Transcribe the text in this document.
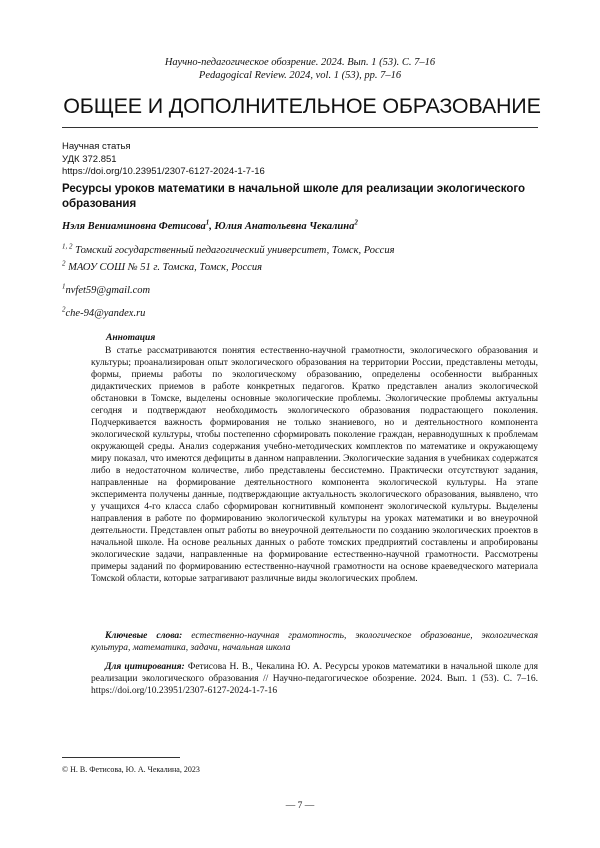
Научно-педагогическое обозрение. 2024. Вып. 1 (53). С. 7–16
Pedagogical Review. 2024, vol. 1 (53), pp. 7–16
ОБЩЕЕ И ДОПОЛНИТЕЛЬНОЕ ОБРАЗОВАНИЕ
Научная статья
УДК 372.851
https://doi.org/10.23951/2307-6127-2024-1-7-16
Ресурсы уроков математики в начальной школе для реализации экологического образования
Нэля Вениаминовна Фетисова$^1$, Юлия Анатольевна Чекалина$^2$
$^{1, 2}$ Томский государственный педагогический университет, Томск, Россия
$^2$ МАОУ СОШ № 51 г. Томска, Томск, Россия
$^1$nvfet59@gmail.com
$^2$che-94@yandex.ru
Аннотация

В статье рассматриваются понятия естественно-научной грамотности, экологического образования и культуры; проанализирован опыт экологического образования на территории России, представлены методы, формы, приемы работы по экологическому образованию, определены особенности выбранных дидактических приемов в работе конкретных педагогов. Кратко представлен анализ экологической обстановки в Томске, выделены основные экологические проблемы. Экологические проблемы актуальны сегодня и подтверждают необходимость экологического образования подрастающего поколения. Подчеркивается важность формирования не только знаниевого, но и деятельностного компонента экологической культуры, чтобы постепенно сформировать поколение граждан, неравнодушных к проблемам окружающей среды. Анализ содержания учебно-методических комплектов по математике и окружающему миру показал, что имеются дефициты в данном направлении. Экологические задания в учебниках содержатся либо в недостаточном количестве, либо представлены бессистемно. Практически отсутствуют задания, направленные на формирование деятельностного компонента экологической культуры. На этапе эксперимента получены данные, подтверждающие актуальность экологического образования, выявлено, что у учащихся 4-го класса слабо сформирован когнитивный компонент экологической культуры. Выделены направления в работе по формированию экологической культуры на уроках математики и во внеурочной деятельности. Представлен опыт работы во внеурочной деятельности по созданию экологических проектов в начальной школе. На основе реальных данных о работе томских предприятий составлены и апробированы экологические задачи, направленные на формирование естественно-научной грамотности. Рассмотрены примеры заданий по формированию естественно-научной грамотности на основе краеведческого материала Томской области, которые затрагивают различные виды экологических проблем.

Ключевые слова: естественно-научная грамотность, экологическое образование, экологическая культура, математика, задачи, начальная школа

Для цитирования: Фетисова Н. В., Чекалина Ю. А. Ресурсы уроков математики в начальной школе для реализации экологического образования // Научно-педагогическое обозрение. 2024. Вып. 1 (53). С. 7–16. https://doi.org/10.23951/2307-6127-2024-1-7-16

© Н. В. Фетисова, Ю. А. Чекалина, 2023
— 7 —
